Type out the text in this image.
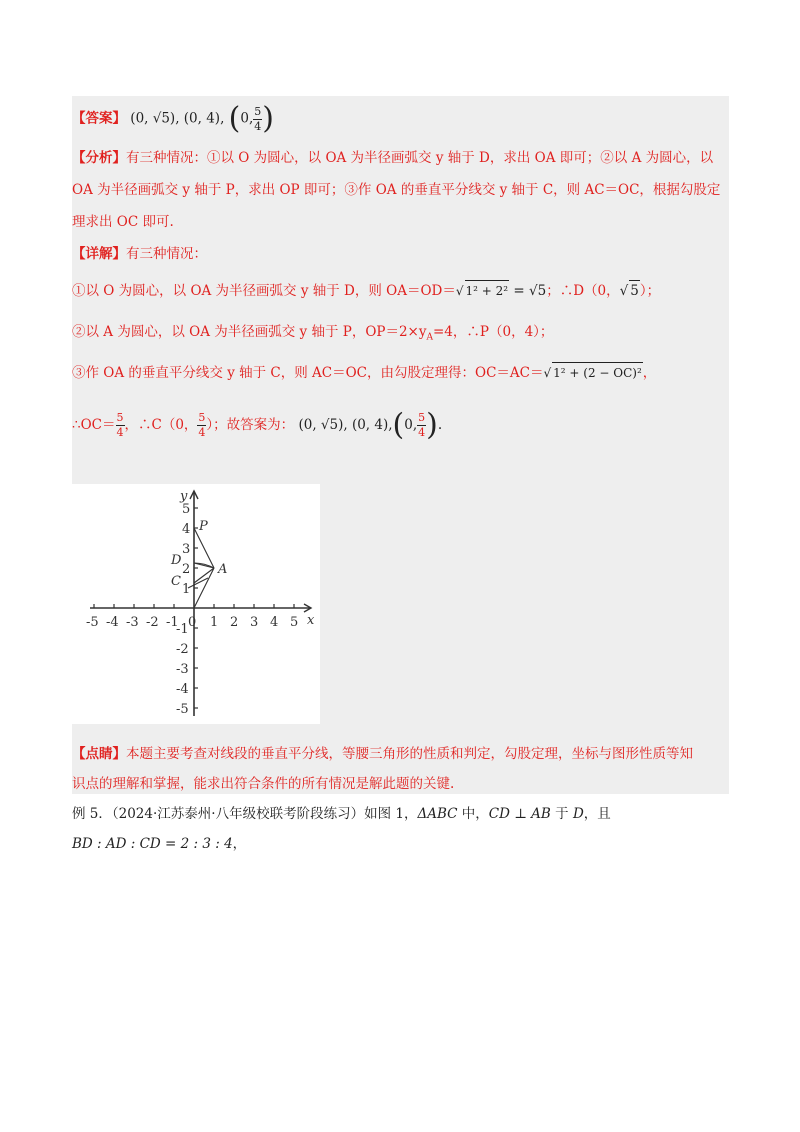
【答案】 (0, √5), (0, 4), (0, $\frac{5}{4}$ )
【分析】有三种情况：①以 O 为圆心，以 OA 为半径画弧交 y 轴于 D，求出 OA 即可；②以 A 为圆心，以
OA 为半径画弧交 y 轴于 P，求出 OP 即可；③作 OA 的垂直平分线交 y 轴于 C，则 AC＝OC，根据勾股定
理求出 OC 即可.
【详解】有三种情况：
①以 O 为圆心，以 OA 为半径画弧交 y 轴于 D，则 OA＝OD＝√ 1² + 2² = √5；∴D（0，√ 5）；
②以 A 为圆心，以 OA 为半径画弧交 y 轴于 P，$OP=2\times y_A=4$，∴P（0，4）；
③作 OA 的垂直平分线交 y 轴于 C，则 AC＝OC，由勾股定理得：OC＝AC＝√ 1² + (2 − OC)²，
∴OC＝ $\frac{5}{4}$ ，∴C（0， $\frac{5}{4}$ ）；故答案为： (0, √5), (0, 4),(0, $\frac{5}{4}$ ).
x
y
-5 -4 -3 -2 -1 0 1 2 3 4 5
1
2
3
4
5
-1
-2
-3
-4
-5
P
D
A
C
【点睛】本题主要考查对线段的垂直平分线，等腰三角形的性质和判定，勾股定理，坐标与图形性质等知
识点的理解和掌握，能求出符合条件的所有情况是解此题的关键.
例 5．（2024·江苏泰州·八年级校联考阶段练习）如图 1，ΔABC 中，CD ⊥ AB 于 D，且
BD : AD : CD = 2 : 3 : 4，
